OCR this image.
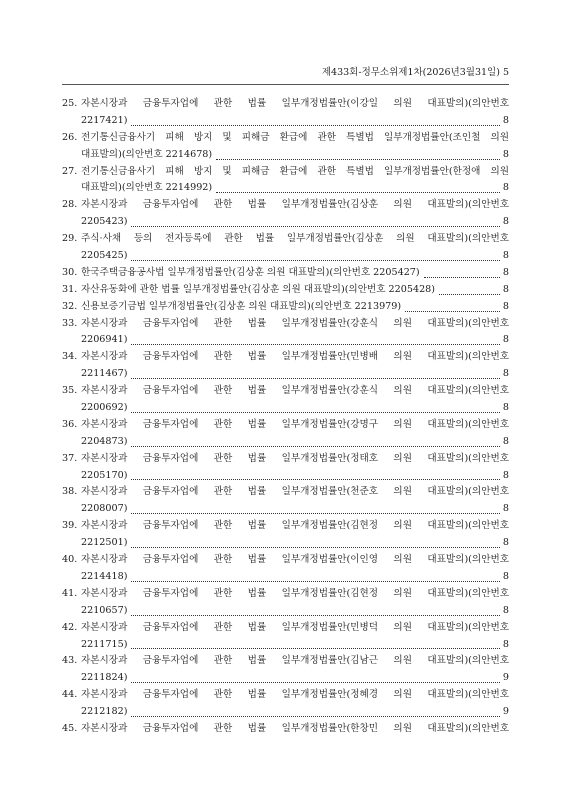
제433회-정무소위제1차(2026년3월31일) 5
25. 자본시장과 금융투자업에 관한 법률 일부개정법률안(이강일 의원 대표발의)(의안번호
2217421)	8
26. 전기통신금융사기 피해 방지 및 피해금 환급에 관한 특별법 일부개정법률안(조인철 의원
대표발의)(의안번호 2214678)	8
27. 전기통신금융사기 피해 방지 및 피해금 환급에 관한 특별법 일부개정법률안(한정애 의원
대표발의)(의안번호 2214992)	8
28. 자본시장과 금융투자업에 관한 법률 일부개정법률안(김상훈 의원 대표발의)(의안번호
2205423)	8
29. 주식·사채 등의 전자등록에 관한 법률 일부개정법률안(김상훈 의원 대표발의)(의안번호
2205425)	8
30. 한국주택금융공사법 일부개정법률안(김상훈 의원 대표발의)(의안번호 2205427)	8
31. 자산유동화에 관한 법률 일부개정법률안(김상훈 의원 대표발의)(의안번호 2205428)	8
32. 신용보증기금법 일부개정법률안(김상훈 의원 대표발의)(의안번호 2213979)	8
33. 자본시장과 금융투자업에 관한 법률 일부개정법률안(강훈식 의원 대표발의)(의안번호
2206941)	8
34. 자본시장과 금융투자업에 관한 법률 일부개정법률안(민병배 의원 대표발의)(의안번호
2211467)	8
35. 자본시장과 금융투자업에 관한 법률 일부개정법률안(강훈식 의원 대표발의)(의안번호
2200692)	8
36. 자본시장과 금융투자업에 관한 법률 일부개정법률안(강명구 의원 대표발의)(의안번호
2204873)	8
37. 자본시장과 금융투자업에 관한 법률 일부개정법률안(정태호 의원 대표발의)(의안번호
2205170)	8
38. 자본시장과 금융투자업에 관한 법률 일부개정법률안(천준호 의원 대표발의)(의안번호
2208007)	8
39. 자본시장과 금융투자업에 관한 법률 일부개정법률안(김현정 의원 대표발의)(의안번호
2212501)	8
40. 자본시장과 금융투자업에 관한 법률 일부개정법률안(이인영 의원 대표발의)(의안번호
2214418)	8
41. 자본시장과 금융투자업에 관한 법률 일부개정법률안(김현정 의원 대표발의)(의안번호
2210657)	8
42. 자본시장과 금융투자업에 관한 법률 일부개정법률안(민병덕 의원 대표발의)(의안번호
2211715)	8
43. 자본시장과 금융투자업에 관한 법률 일부개정법률안(김남근 의원 대표발의)(의안번호
2211824)	9
44. 자본시장과 금융투자업에 관한 법률 일부개정법률안(정혜경 의원 대표발의)(의안번호
2212182)	9
45. 자본시장과 금융투자업에 관한 법률 일부개정법률안(한창민 의원 대표발의)(의안번호
